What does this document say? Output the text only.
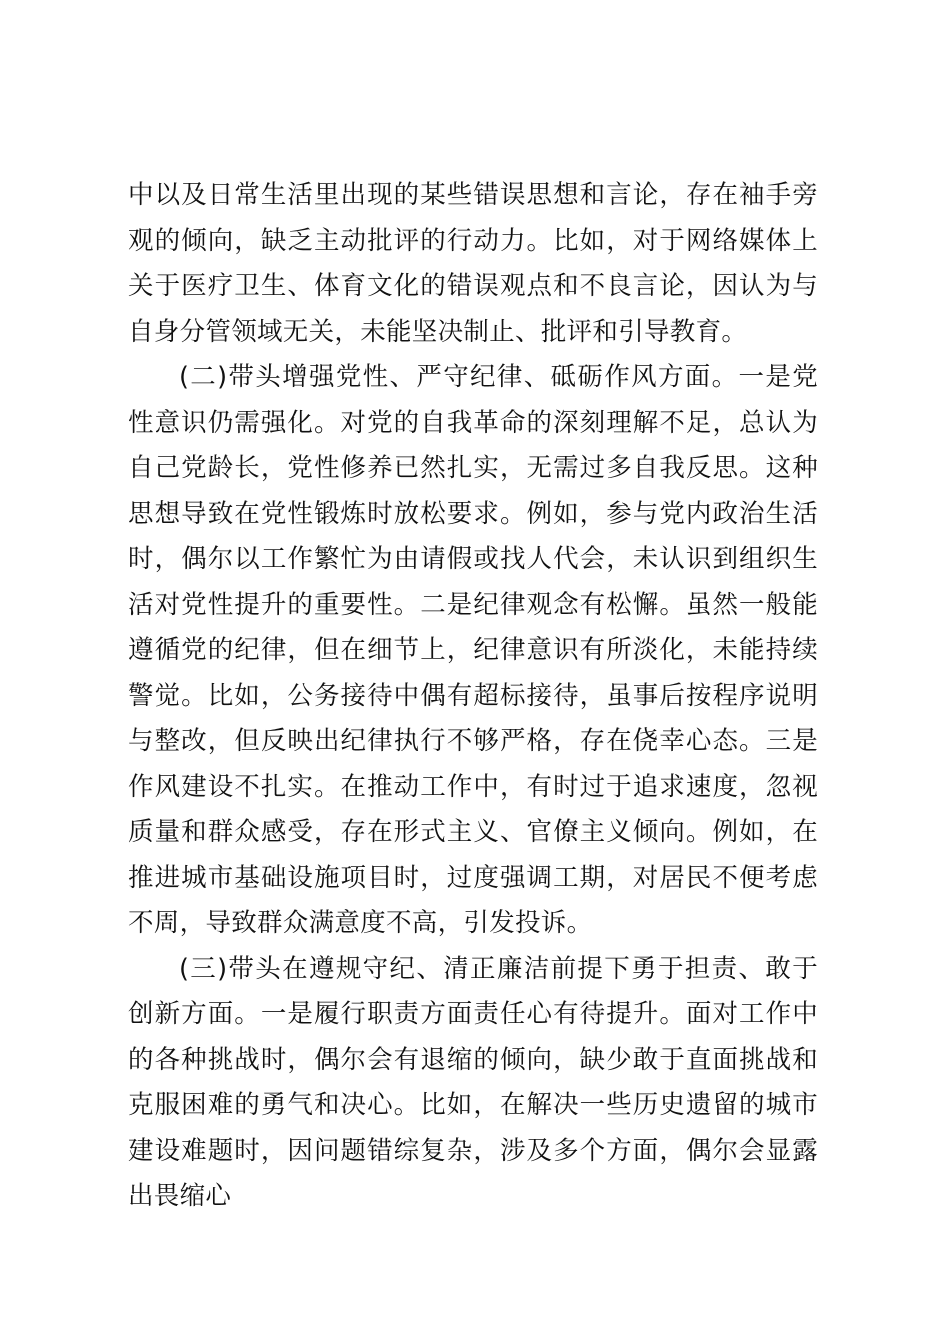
中以及日常生活里出现的某些错误思想和言论，存在袖手旁观的倾向，缺乏主动批评的行动力。比如，对于网络媒体上关于医疗卫生、体育文化的错误观点和不良言论，因认为与自身分管领域无关，未能坚决制止、批评和引导教育。

(二)带头增强党性、严守纪律、砥砺作风方面。一是党性意识仍需强化。对党的自我革命的深刻理解不足，总认为自己党龄长，党性修养已然扎实，无需过多自我反思。这种思想导致在党性锻炼时放松要求。例如，参与党内政治生活时，偶尔以工作繁忙为由请假或找人代会，未认识到组织生活对党性提升的重要性。二是纪律观念有松懈。虽然一般能遵循党的纪律，但在细节上，纪律意识有所淡化，未能持续警觉。比如，公务接待中偶有超标接待，虽事后按程序说明与整改，但反映出纪律执行不够严格，存在侥幸心态。三是作风建设不扎实。在推动工作中，有时过于追求速度，忽视质量和群众感受，存在形式主义、官僚主义倾向。例如，在推进城市基础设施项目时，过度强调工期，对居民不便考虑不周，导致群众满意度不高，引发投诉。

(三)带头在遵规守纪、清正廉洁前提下勇于担责、敢于创新方面。一是履行职责方面责任心有待提升。面对工作中的各种挑战时，偶尔会有退缩的倾向，缺少敢于直面挑战和克服困难的勇气和决心。比如，在解决一些历史遗留的城市建设难题时，因问题错综复杂，涉及多个方面，偶尔会显露出畏缩心
